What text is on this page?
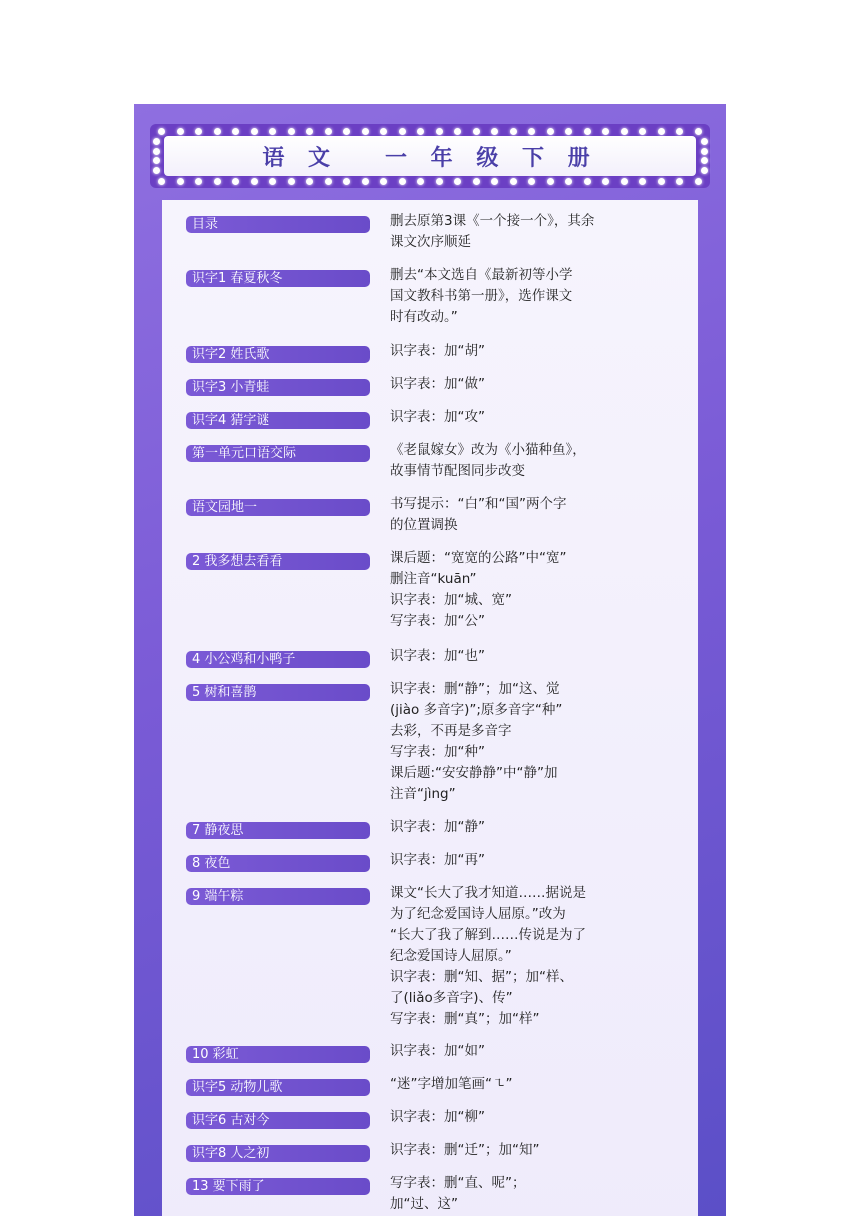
语 文   一 年 级 下 册
目录	删去原第3课《一个接一个》，其余
课文次序顺延
识字1 春夏秋冬	删去“本文选自《最新初等小学
国文教科书第一册》，选作课文
时有改动。”
识字2 姓氏歌	识字表：加“胡”
识字3 小青蛙	识字表：加“做”
识字4 猜字谜	识字表：加“攻”
第一单元口语交际	《老鼠嫁女》改为《小猫种鱼》，
故事情节配图同步改变
语文园地一	书写提示：“白”和“国”两个字
的位置调换
2 我多想去看看	课后题：“宽宽的公路”中“宽”
删注音“kuān”
识字表：加“城、宽”
写字表：加“公”
4 小公鸡和小鸭子	识字表：加“也”
5 树和喜鹊	识字表：删“静”；加“这、觉
(jiào 多音字)”;原多音字“种”
去彩，不再是多音字
写字表：加“种”
课后题:“安安静静”中“静”加
注音“jìng”
7 静夜思	识字表：加“静”
8 夜色	识字表：加“再”
9 端午粽	课文“长大了我才知道……据说是
为了纪念爱国诗人屈原。”改为
“长大了我了解到……传说是为了
纪念爱国诗人屈原。”
识字表：删“知、据”；加“样、
了(liǎo多音字)、传”
写字表：删“真”；加“样”
10 彩虹	识字表：加“如”
识字5 动物儿歌	“迷”字增加笔画“㇍”
识字6 古对今	识字表：加“柳”
识字8 人之初	识字表：删“迁”；加“知”
13 要下雨了	写字表：删“直、呢”；
加“过、这”
